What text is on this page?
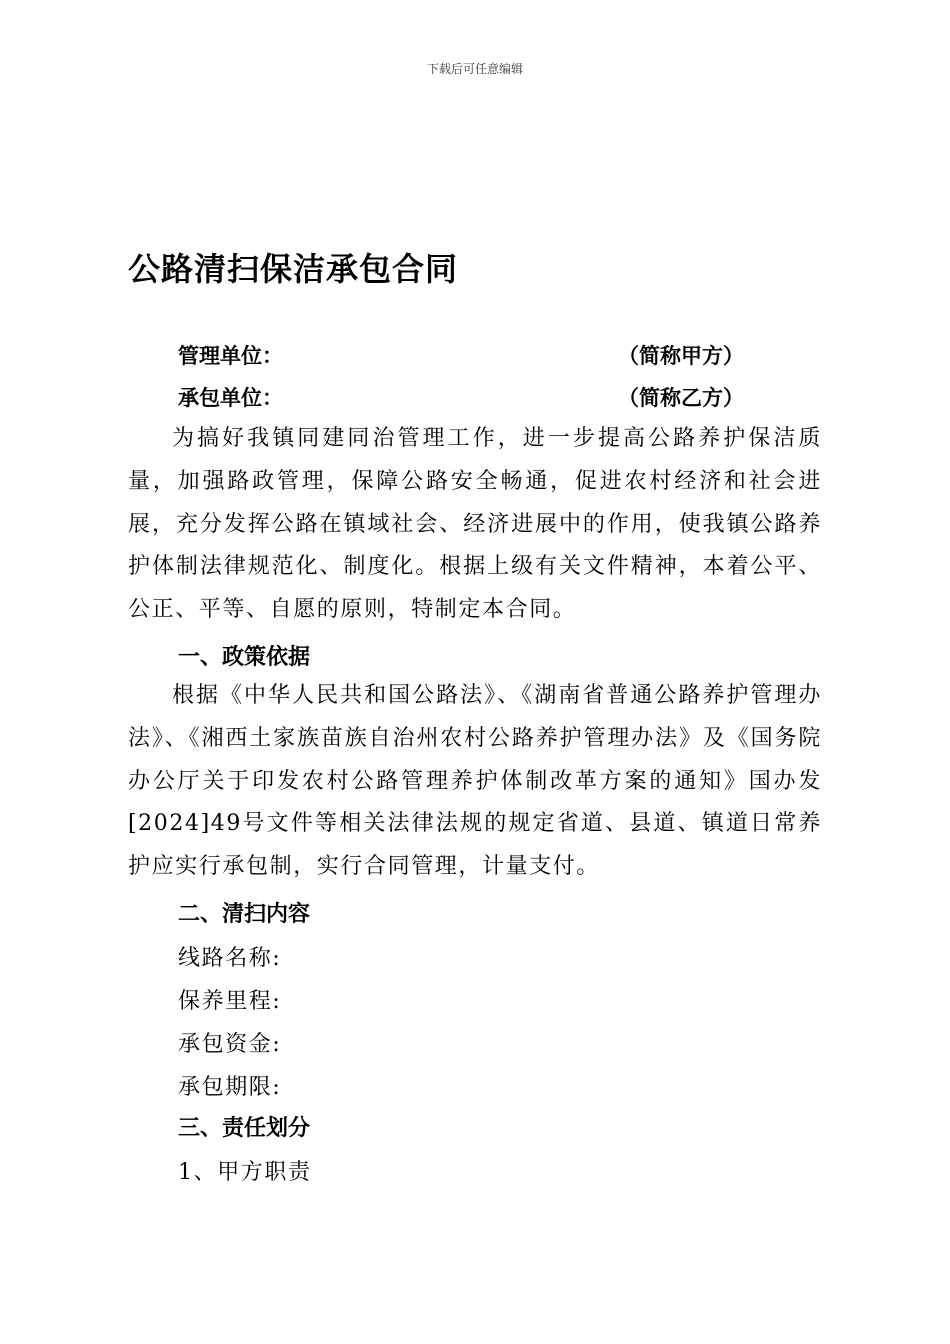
下载后可任意编辑
公路清扫保洁承包合同
管理单位：	（简称甲方）
承包单位：	（简称乙方）

为搞好我镇同建同治管理工作，进一步提高公路养护保洁质量，加强路政管理，保障公路安全畅通，促进农村经济和社会进展，充分发挥公路在镇域社会、经济进展中的作用，使我镇公路养护体制法律规范化、制度化。根据上级有关文件精神，本着公平、公正、平等、自愿的原则，特制定本合同。

一、政策依据

根据《中华人民共和国公路法》、《湖南省普通公路养护管理办法》、《湘西土家族苗族自治州农村公路养护管理办法》及《国务院办公厅关于印发农村公路管理养护体制改革方案的通知》国办发[2024]49号文件等相关法律法规的规定省道、县道、镇道日常养护应实行承包制，实行合同管理，计量支付。

二、清扫内容

线路名称:

保养里程:

承包资金:

承包期限:

三、责任划分

1、甲方职责
